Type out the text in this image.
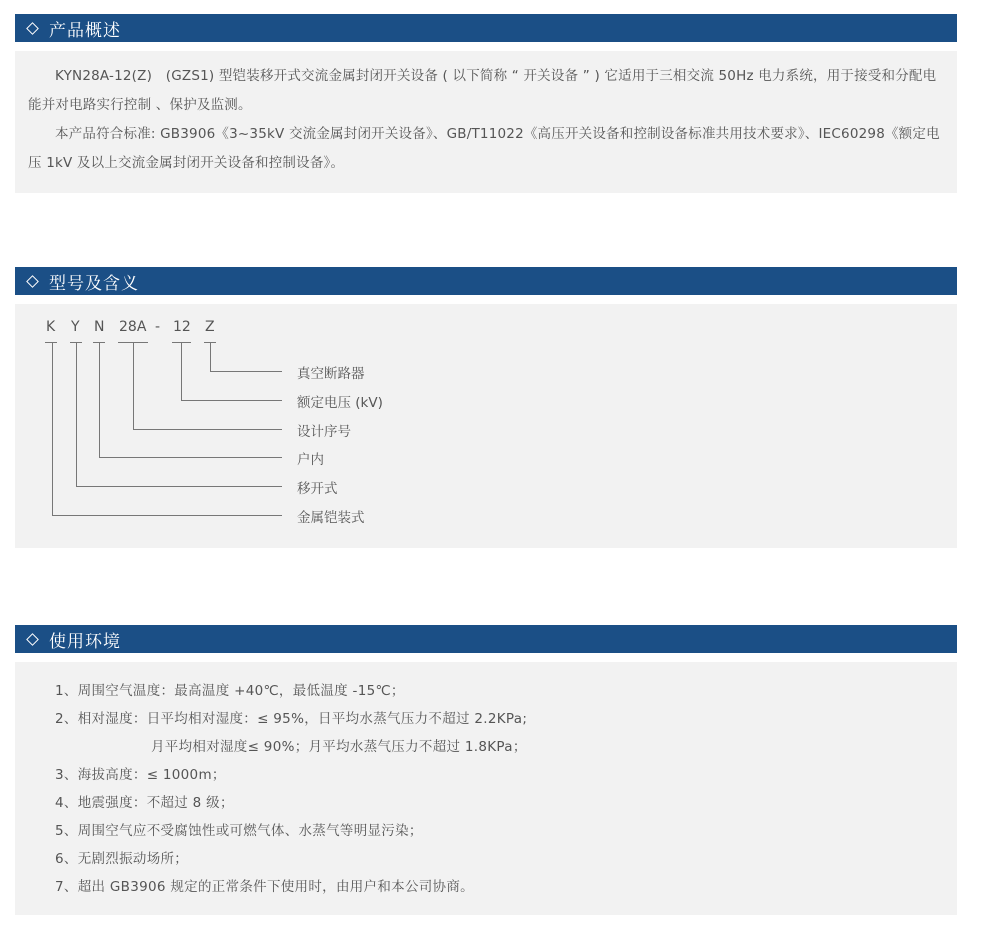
产品概述
KYN28A-12(Z)　(GZS1) 型铠装移开式交流金属封闭开关设备 ( 以下简称 “ 开关设备 ” ) 它适用于三相交流 50Hz 电力系统，用于接受和分配电能并对电路实行控制 、保护及监测。
本产品符合标准: GB3906《3~35kV 交流金属封闭开关设备》、GB/T11022《高压开关设备和控制设备标准共用技术要求》、IEC60298《额定电压 1kV 及以上交流金属封闭开关设备和控制设备》。
型号及含义
K Y N 28A - 12 Z
真空断路器
额定电压 (kV)
设计序号
户内
移开式
金属铠装式
使用环境
1、周围空气温度：最高温度 +40℃，最低温度 -15℃；
2、相对湿度：日平均相对湿度：≤ 95%，日平均水蒸气压力不超过 2.2KPa;
月平均相对湿度≤ 90%；月平均水蒸气压力不超过 1.8KPa；
3、海拔高度：≤ 1000m；
4、地震强度：不超过 8 级；
5、周围空气应不受腐蚀性或可燃气体、水蒸气等明显污染；
6、无剧烈振动场所；
7、超出 GB3906 规定的正常条件下使用时，由用户和本公司协商。
